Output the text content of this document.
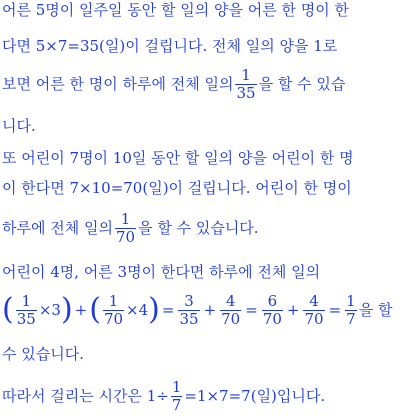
어른 5명이 일주일 동안 할 일의 양을 어른 한 명이 한
다면 5×7=35(일)이 걸립니다. 전체 일의 양을 1로
보면 어른 한 명이 하루에 전체 일의 $\frac{1}{35}$ 을 할 수 있습
니다.
또 어린이 7명이 10일 동안 할 일의 양을 어린이 한 명
이 한다면 7×10=70(일)이 걸립니다. 어린이 한 명이
하루에 전체 일의 $\frac{1}{70}$ 을 할 수 있습니다.
어린이 4명, 어른 3명이 한다면 하루에 전체 일의
( $\frac{1}{35} \times 3$ ) + ( $\frac{1}{70} \times 4$ ) = $\frac{3}{35} + \frac{4}{70} = \frac{6}{70} + \frac{4}{70} = \frac{1}{7}$ 을 할
수 있습니다.
따라서 걸리는 시간은 $1\div \frac{1}{7} =1\times 7=7$(일)입니다.
